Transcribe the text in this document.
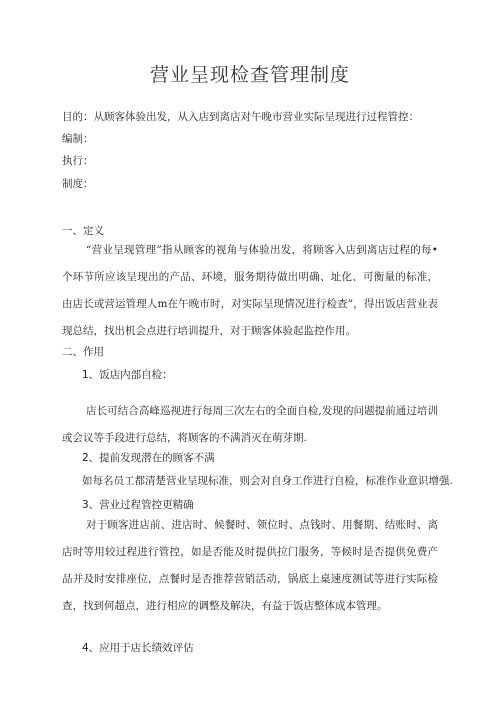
营业呈现检查管理制度
目的：从顾客体验出发，从入店到离店对午晚市营业实际呈现进行过程管控：
编制：
执行：
制度：
一、定义
“营业呈现管理”指从顾客的视角与体验出发，将顾客入店到离店过程的每•个环节所应该呈现出的产品、环境，服务期待做出明确、址化、可衡量的标准，由店长或营运管理人m在午晚市时，对实际呈现情况进行检查”，得出饭店营业表现总结，找出机会点进行培训提升，对于顾客体验起监控作用。
二、作用
1、饭店内部自检：
店长可结合高峰巡视进行每周三次左右的全面自检,发现的问题提前通过培训或会议等手段进行总结，将顾客的不满消灭在萌芽期.
2、提前发现潜在的顾客不满
如每名员工都清楚营业呈现标准，则会对自身工作进行自检，标准作业意识增强.
3、营业过程管控更精确
对于顾客进店前、进店时、候餐时、领位时、点钱时、用餐期、结账时、离店时等用较过程进行管控，如是否能及时提供拉门服务，等候时是否提供免费产品并及时安排座位，点餐时是否推荐营销活动，锅底上桌速度测试等进行实际检查，找到何超点，进行相应的调整及解决，有益于饭店整体成本管理。
4、应用于店长绩效评估
